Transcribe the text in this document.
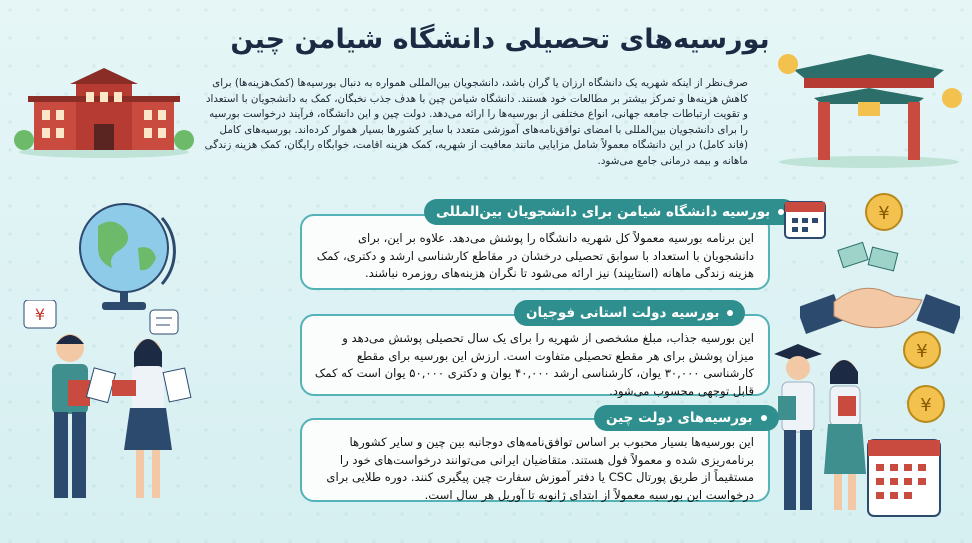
بورسیه‌های تحصیلی دانشگاه شیامن چین
صرف‌نظر از اینکه شهریه یک دانشگاه ارزان یا گران باشد، دانشجویان بین‌المللی همواره به دنبال بورسیه‌ها (کمک‌هزینه‌ها) برای کاهش هزینه‌ها و تمرکز بیشتر بر مطالعات خود هستند. دانشگاه شیامن چین با هدف جذب نخبگان، کمک به دانشجویان با استعداد و تقویت ارتباطات جامعه جهانی، انواع مختلفی از بورسیه‌ها را ارائه می‌دهد. دولت چین و این دانشگاه، فرآیند درخواست بورسیه را برای دانشجویان بین‌المللی با امضای توافق‌نامه‌های آموزشی متعدد با سایر کشورها بسیار هموار کرده‌اند. بورسیه‌های کامل (فاند کامل) در این دانشگاه معمولاً شامل مزایایی مانند معافیت از شهریه، کمک هزینه اقامت، خوابگاه رایگان، کمک هزینه زندگی ماهانه و بیمه درمانی جامع می‌شود.
این برنامه بورسیه معمولاً کل شهریه دانشگاه را پوشش می‌دهد. علاوه بر این، برای دانشجویان با استعداد با سوابق تحصیلی درخشان در مقاطع کارشناسی ارشد و دکتری، کمک هزینه زندگی ماهانه (استایپند) نیز ارائه می‌شود تا نگران هزینه‌های روزمره نباشند.
بورسیه دانشگاه شیامن برای دانشجویان بین‌المللی
این بورسیه جذاب، مبلغ مشخصی از شهریه را برای یک سال تحصیلی پوشش می‌دهد و میزان پوشش برای هر مقطع تحصیلی متفاوت است. ارزش این بورسیه برای مقطع کارشناسی ۳۰,۰۰۰ یوان، کارشناسی ارشد ۴۰,۰۰۰ یوان و دکتری ۵۰,۰۰۰ یوان است که کمک قابل توجهی محسوب می‌شود.
بورسیه دولت استانی فوجیان
این بورسیه‌ها بسیار محبوب بر اساس توافق‌نامه‌های دوجانبه بین چین و سایر کشورها برنامه‌ریزی شده و معمولاً فول هستند. متقاضیان ایرانی می‌توانند درخواست‌های خود را مستقیماً از طریق پورتال CSC یا دفتر آموزش سفارت چین پیگیری کنند. دوره طلایی برای درخواست این بورسیه معمولاً از ابتدای ژانویه تا آوریل هر سال است.
بورسیه‌های دولت چین
¥
¥
¥
¥
